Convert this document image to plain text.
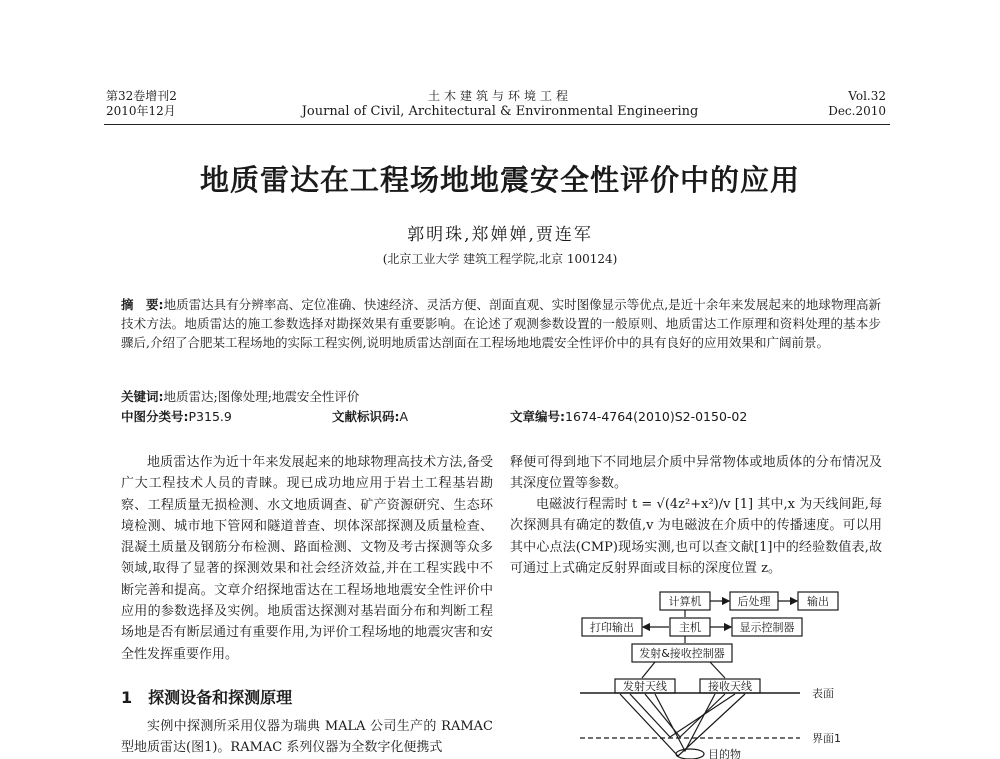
第32卷增刊2
2010年12月
土木建筑与环境工程
Journal of Civil, Architectural & Environmental Engineering
Vol.32
Dec.2010
地质雷达在工程场地地震安全性评价中的应用
郭明珠,郑婵婵,贾连军
(北京工业大学 建筑工程学院,北京 100124)
摘　要:地质雷达具有分辨率高、定位准确、快速经济、灵活方便、剖面直观、实时图像显示等优点,是近十余年来发展起来的地球物理高新技术方法。地质雷达的施工参数选择对勘探效果有重要影响。在论述了观测参数设置的一般原则、地质雷达工作原理和资料处理的基本步骤后,介绍了合肥某工程场地的实际工程实例,说明地质雷达剖面在工程场地地震安全性评价中的具有良好的应用效果和广阔前景。
关键词:地质雷达;图像处理;地震安全性评价
中图分类号:P315.9	文献标识码:A	文章编号:1674-4764(2010)S2-0150-02

地质雷达作为近十年来发展起来的地球物理高技术方法,备受广大工程技术人员的青睐。现已成功地应用于岩土工程基岩勘察、工程质量无损检测、水文地质调查、矿产资源研究、生态环境检测、城市地下管网和隧道普查、坝体深部探测及质量检查、混凝土质量及钢筋分布检测、路面检测、文物及考古探测等众多领域,取得了显著的探测效果和社会经济效益,并在工程实践中不断完善和提高。文章介绍探地雷达在工程场地地震安全性评价中应用的参数选择及实例。地质雷达探测对基岩面分布和判断工程场地是否有断层通过有重要作用,为评价工程场地的地震灾害和安全性发挥重要作用。

1　探测设备和探测原理

实例中探测所采用仪器为瑞典 MALA 公司生产的 RAMAC 型地质雷达(图1)。RAMAC 系列仪器为全数字化便携式

释便可得到地下不同地层介质中异常物体或地质体的分布情况及其深度位置等参数。

电磁波行程需时 t = √(4z²+x²)/v [1] 其中,x 为天线间距,每次探测具有确定的数值,v 为电磁波在介质中的传播速度。可以用其中心点法(CMP)现场实测,也可以查文献[1]中的经验数值表,故可通过上式确定反射界面或目标的深度位置 z。

计算机	后处理	输出
打印输出	主机	显示控制器
发射&接收控制器
发射天线	接收天线
表面
界面1
目的物
